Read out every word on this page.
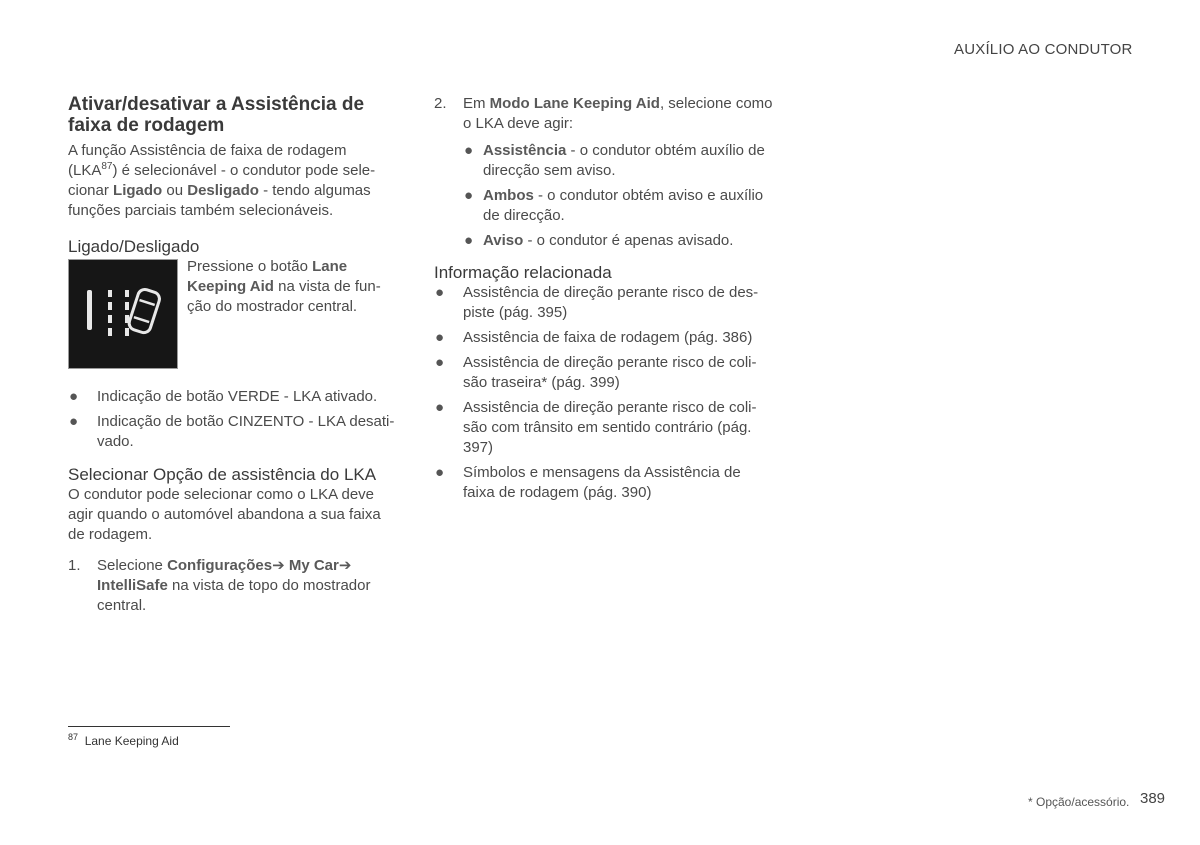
AUXÍLIO AO CONDUTOR
Ativar/desativar a Assistência de faixa de rodagem

A função Assistência de faixa de rodagem (LKA$^{87}$) é selecionável - o condutor pode selecionar Ligado ou Desligado - tendo algumas funções parciais também selecionáveis.

Ligado/Desligado

Pressione o botão Lane Keeping Aid na vista de função do mostrador central.

● Indicação de botão VERDE - LKA ativado.
● Indicação de botão CINZENTO - LKA desativado.
Selecionar Opção de assistência do LKA

O condutor pode selecionar como o LKA deve agir quando o automóvel abandona a sua faixa de rodagem.

1. Selecione Configurações➔ My Car➔ IntelliSafe na vista de topo do mostrador central.
2. Em Modo Lane Keeping Aid, selecione como o LKA deve agir:
● Assistência - o condutor obtém auxílio de direcção sem aviso.
● Ambos - o condutor obtém aviso e auxílio de direcção.
● Aviso - o condutor é apenas avisado.
Informação relacionada
● Assistência de direção perante risco de despiste (pág. 395)
● Assistência de faixa de rodagem (pág. 386)
● Assistência de direção perante risco de colisão traseira* (pág. 399)
● Assistência de direção perante risco de colisão com trânsito em sentido contrário (pág. 397)
● Símbolos e mensagens da Assistência de faixa de rodagem (pág. 390)
$^{87}$ Lane Keeping Aid
* Opção/acessório. 389
